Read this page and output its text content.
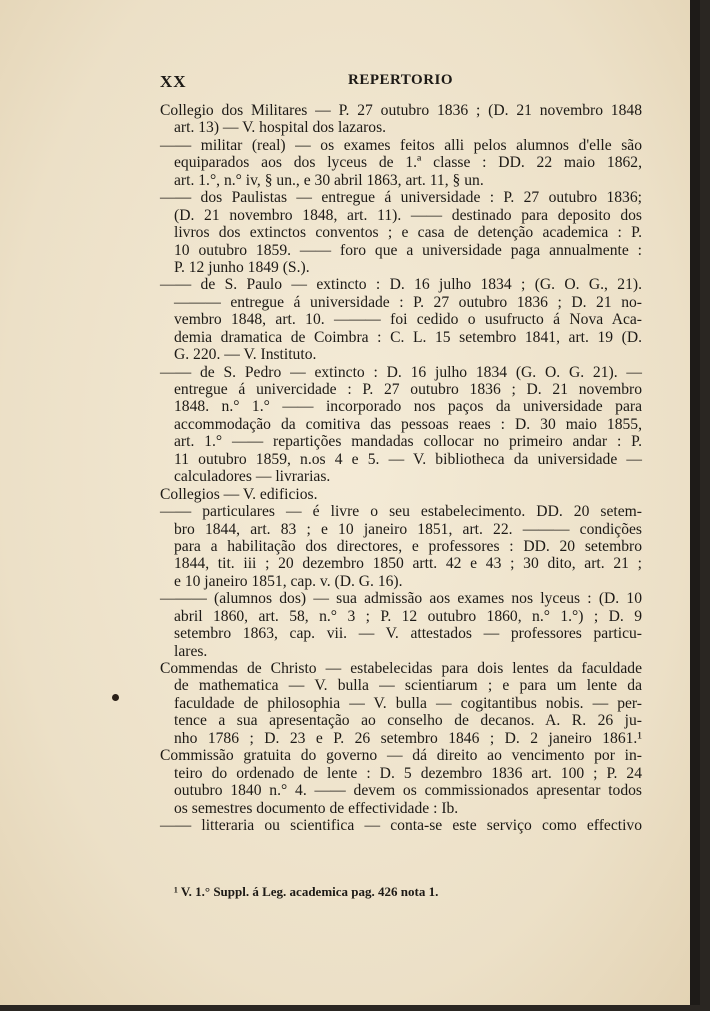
XX	REPERTORIO
Collegio dos Militares — P. 27 outubro 1836 ; (D. 21 novembro 1848
art. 13) — V. hospital dos lazaros.
—— militar (real) — os exames feitos alli pelos alumnos d'elle são
equiparados aos dos lyceus de 1.ª classe : DD. 22 maio 1862,
art. 1.°, n.° iv, § un., e 30 abril 1863, art. 11, § un.
—— dos Paulistas — entregue á universidade : P. 27 outubro 1836;
(D. 21 novembro 1848, art. 11). —— destinado para deposito dos
livros dos extinctos conventos ; e casa de detenção academica : P.
10 outubro 1859. —— foro que a universidade paga annualmente :
P. 12 junho 1849 (S.).
—— de S. Paulo — extincto : D. 16 julho 1834 ; (G. O. G., 21).
——— entregue á universidade : P. 27 outubro 1836 ; D. 21 no-
vembro 1848, art. 10. ——— foi cedido o usufructo á Nova Aca-
demia dramatica de Coimbra : C. L. 15 setembro 1841, art. 19 (D.
G. 220. — V. Instituto.
—— de S. Pedro — extincto : D. 16 julho 1834 (G. O. G. 21). —
entregue á univercidade : P. 27 outubro 1836 ; D. 21 novembro
1848. n.° 1.° —— incorporado nos paços da universidade para
accommodação da comitiva das pessoas reaes : D. 30 maio 1855,
art. 1.° —— repartições mandadas collocar no primeiro andar : P.
11 outubro 1859, n.os 4 e 5. — V. bibliotheca da universidade —
calculadores — livrarias.
Collegios — V. edificios.
—— particulares — é livre o seu estabelecimento. DD. 20 setem-
bro 1844, art. 83 ; e 10 janeiro 1851, art. 22. ——— condições
para a habilitação dos directores, e professores : DD. 20 setembro
1844, tit. iii ; 20 dezembro 1850 artt. 42 e 43 ; 30 dito, art. 21 ;
e 10 janeiro 1851, cap. v. (D. G. 16).
——— (alumnos dos) — sua admissão aos exames nos lyceus : (D. 10
abril 1860, art. 58, n.° 3 ; P. 12 outubro 1860, n.° 1.°) ; D. 9
setembro 1863, cap. vii. — V. attestados — professores particu-
lares.
Commendas de Christo — estabelecidas para dois lentes da faculdade
de mathematica — V. bulla — scientiarum ; e para um lente da
faculdade de philosophia — V. bulla — cogitantibus nobis. — per-
tence a sua apresentação ao conselho de decanos. A. R. 26 ju-
nho 1786 ; D. 23 e P. 26 setembro 1846 ; D. 2 janeiro 1861.¹
Commissão gratuita do governo — dá direito ao vencimento por in-
teiro do ordenado de lente : D. 5 dezembro 1836 art. 100 ; P. 24
outubro 1840 n.° 4. —— devem os commissionados apresentar todos
os semestres documento de effectividade : Ib.
—— litteraria ou scientifica — conta-se este serviço como effectivo
¹ V. 1.° Suppl. á Leg. academica pag. 426 nota 1.
